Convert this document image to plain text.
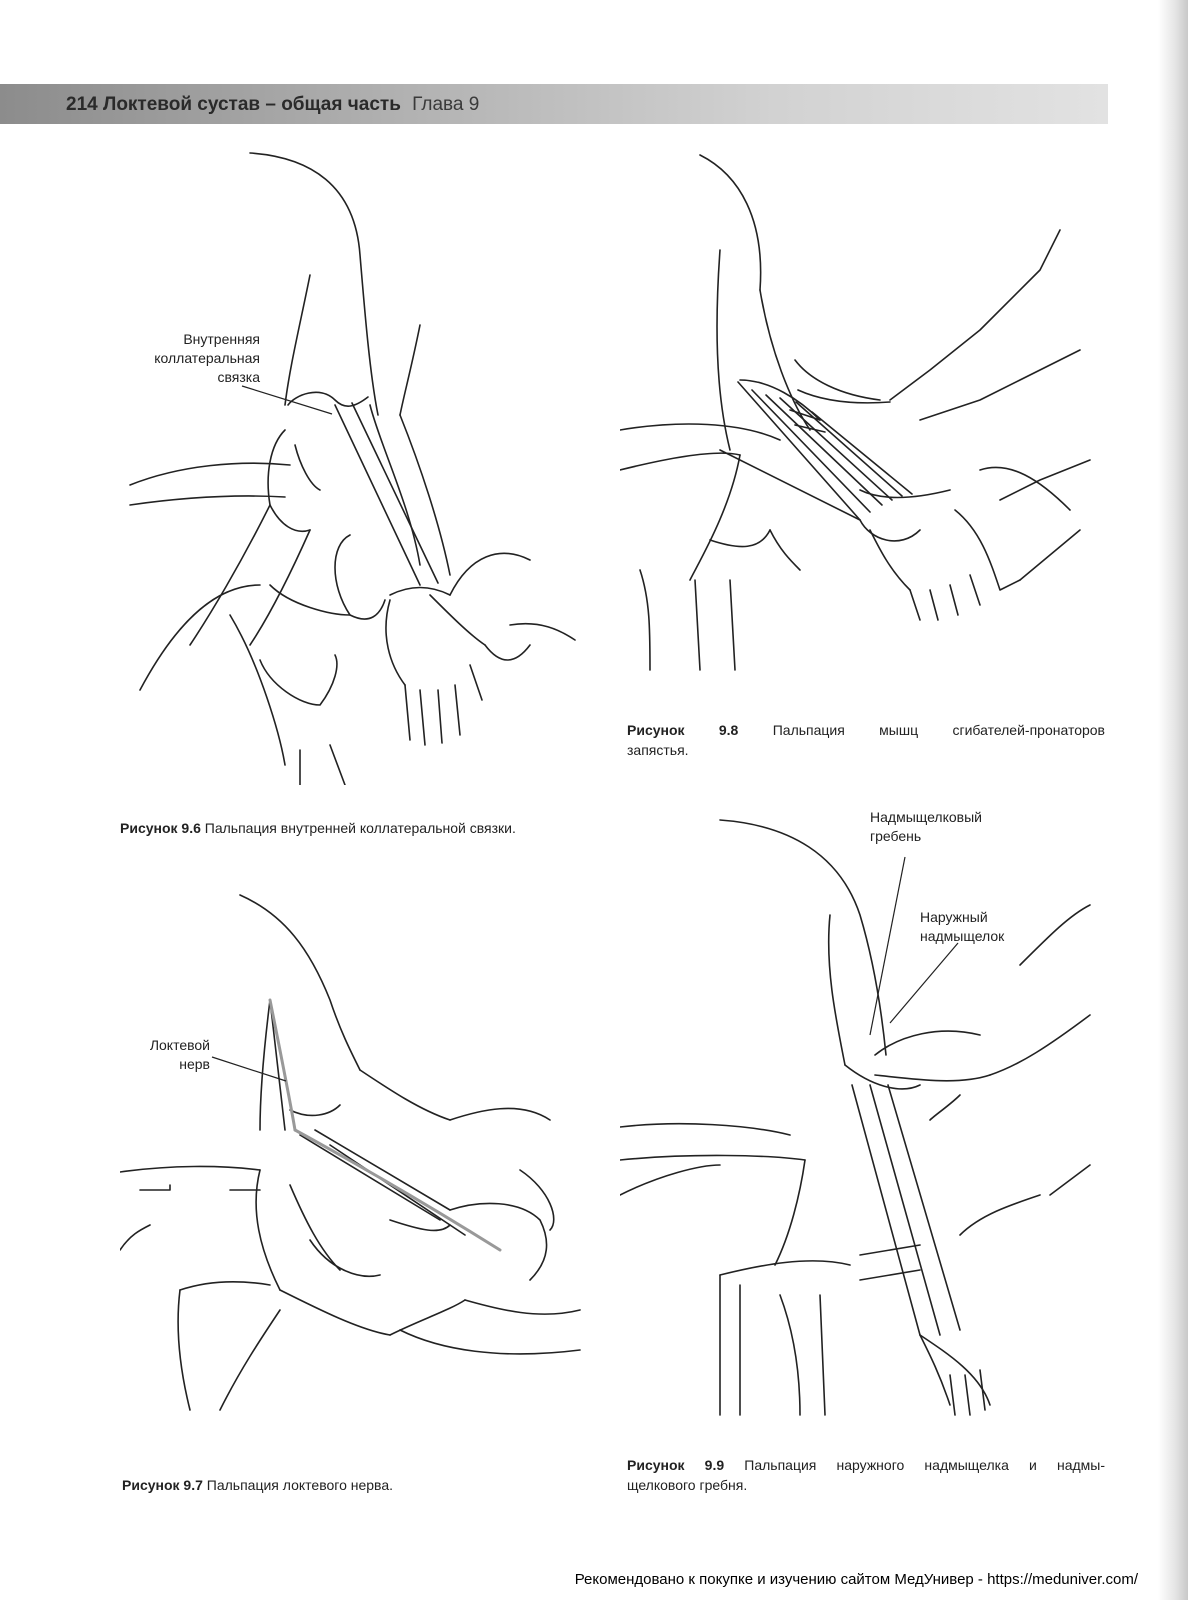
214 Локтевой сустав – общая часть Глава 9
Внутренняя
коллатеральная
связка
Рисунок 9.6 Пальпация внутренней коллатеральной связки.
Рисунок 9.8 Пальпация мышц сгибателей-пронаторов
запястья.
Локтевой
нерв
Рисунок 9.7 Пальпация локтевого нерва.
Надмыщелковый
гребень
Наружный
надмыщелок
Рисунок 9.9 Пальпация наружного надмыщелка и надмы-
щелкового гребня.
Рекомендовано к покупке и изучению сайтом МедУнивер - https://meduniver.com/
